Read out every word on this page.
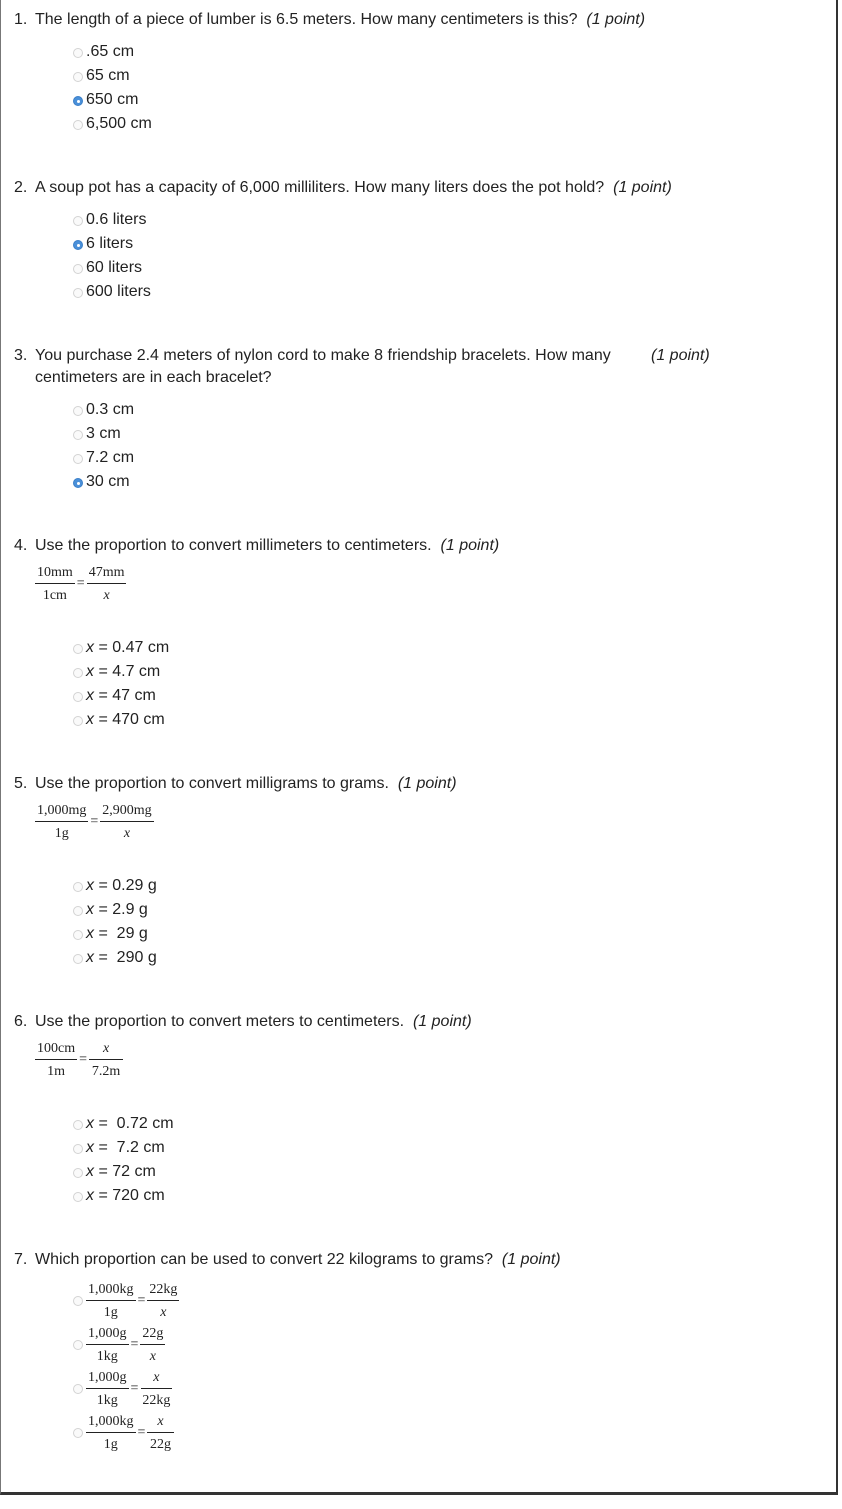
1. The length of a piece of lumber is 6.5 meters. How many centimeters is this? (1 point)
.65 cm
65 cm
650 cm
6,500 cm
2. A soup pot has a capacity of 6,000 milliliters. How many liters does the pot hold? (1 point)
0.6 liters
6 liters
60 liters
600 liters
3. You purchase 2.4 meters of nylon cord to make 8 friendship bracelets. How many
centimeters are in each bracelet?
(1 point)
0.3 cm
3 cm
7.2 cm
30 cm
4. Use the proportion to convert millimeters to centimeters. (1 point)
$\frac{10mm}{1cm} = \frac{47mm}{x}$
x = 0.47 cm
x = 4.7 cm
x = 47 cm
x = 470 cm
5. Use the proportion to convert milligrams to grams. (1 point)
$\frac{1,000mg}{1g} = \frac{2,900mg}{x}$
x = 0.29 g
x = 2.9 g
x =  29 g
x =  290 g
6. Use the proportion to convert meters to centimeters. (1 point)
$\frac{100cm}{1m} = \frac{x}{7.2m}$
x =  0.72 cm
x =  7.2 cm
x = 72 cm
x = 720 cm
7. Which proportion can be used to convert 22 kilograms to grams? (1 point)

$\frac{1,000kg}{1g} = \frac{22kg}{x}$

$\frac{1,000g}{1kg} = \frac{22g}{x}$

$\frac{1,000g}{1kg} = \frac{x}{22kg}$

$\frac{1,000kg}{1g} = \frac{x}{22g}$
